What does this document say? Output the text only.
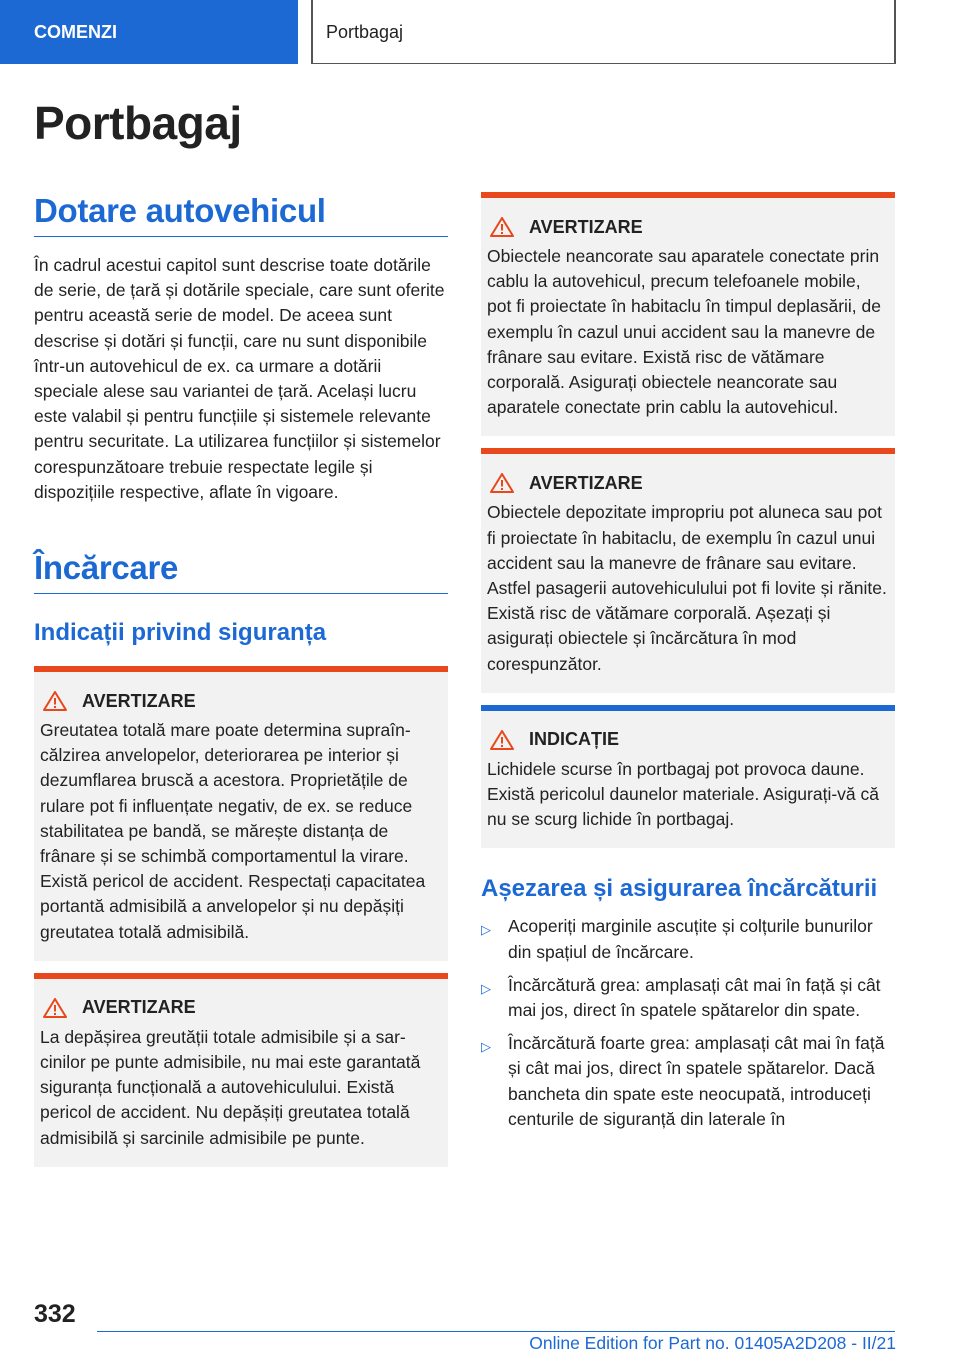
COMENZI	Portbagaj
Portbagaj
Dotare autovehicul

În cadrul acestui capitol sunt descrise toate dotările de serie, de țară și dotările speciale, care sunt oferite pentru această serie de model. De aceea sunt descrise și dotări și funcții, care nu sunt disponibile într-un autovehicul de ex. ca urmare a dotării speciale alese sau variantei de țară. Același lucru este valabil și pentru funcțiile și sistemele relevante pentru securitate. La utilizarea funcțiilor și sistemelor corespunzătoare trebuie respectate legile și dispozițiile respective, aflate în vigoare.

Încărcare
Indicații privind siguranța
AVERTIZARE

Greutatea totală mare poate determina supraîncălzirea anvelopelor, deteriorarea pe interior și dezumflarea bruscă a acestora. Proprietățile de rulare pot fi influențate negativ, de ex. se reduce stabilitatea pe bandă, se mărește distanța de frânare și se schimbă comportamentul la virare. Există pericol de accident. Respectați capacitatea portantă admisibilă a anvelopelor și nu depășiți greutatea totală admisibilă.

AVERTIZARE

La depășirea greutății totale admisibile și a sarcinilor pe punte admisibile, nu mai este garantată siguranța funcțională a autovehiculului. Există pericol de accident. Nu depășiți greutatea totală admisibilă și sarcinile admisibile pe punte.

AVERTIZARE

Obiectele neancorate sau aparatele conectate prin cablu la autovehicul, precum telefoanele mobile, pot fi proiectate în habitaclu în timpul deplasării, de exemplu în cazul unui accident sau la manevre de frânare sau evitare. Există risc de vătămare corporală. Asigurați obiectele neancorate sau aparatele conectate prin cablu la autovehicul.

AVERTIZARE

Obiectele depozitate impropriu pot aluneca sau pot fi proiectate în habitaclu, de exemplu în cazul unui accident sau la manevre de frânare sau evitare. Astfel pasagerii autovehiculului pot fi lovite și rănite. Există risc de vătămare corporală. Așezați și asigurați obiectele și încărcătura în mod corespunzător.

INDICAȚIE

Lichidele scurse în portbagaj pot provoca daune. Există pericolul daunelor materiale. Asigurați-vă că nu se scurg lichide în portbagaj.

Așezarea și asigurarea încărcăturii
▷ Acoperiți marginile ascuțite și colțurile bunurilor din spațiul de încărcare.
▷ Încărcătură grea: amplasați cât mai în față și cât mai jos, direct în spatele spătarelor din spate.
▷ Încărcătură foarte grea: amplasați cât mai în față și cât mai jos, direct în spatele spătarelor. Dacă bancheta din spate este neocupată, introduceți centurile de siguranță din laterale în
332
Online Edition for Part no. 01405A2D208 - II/21
